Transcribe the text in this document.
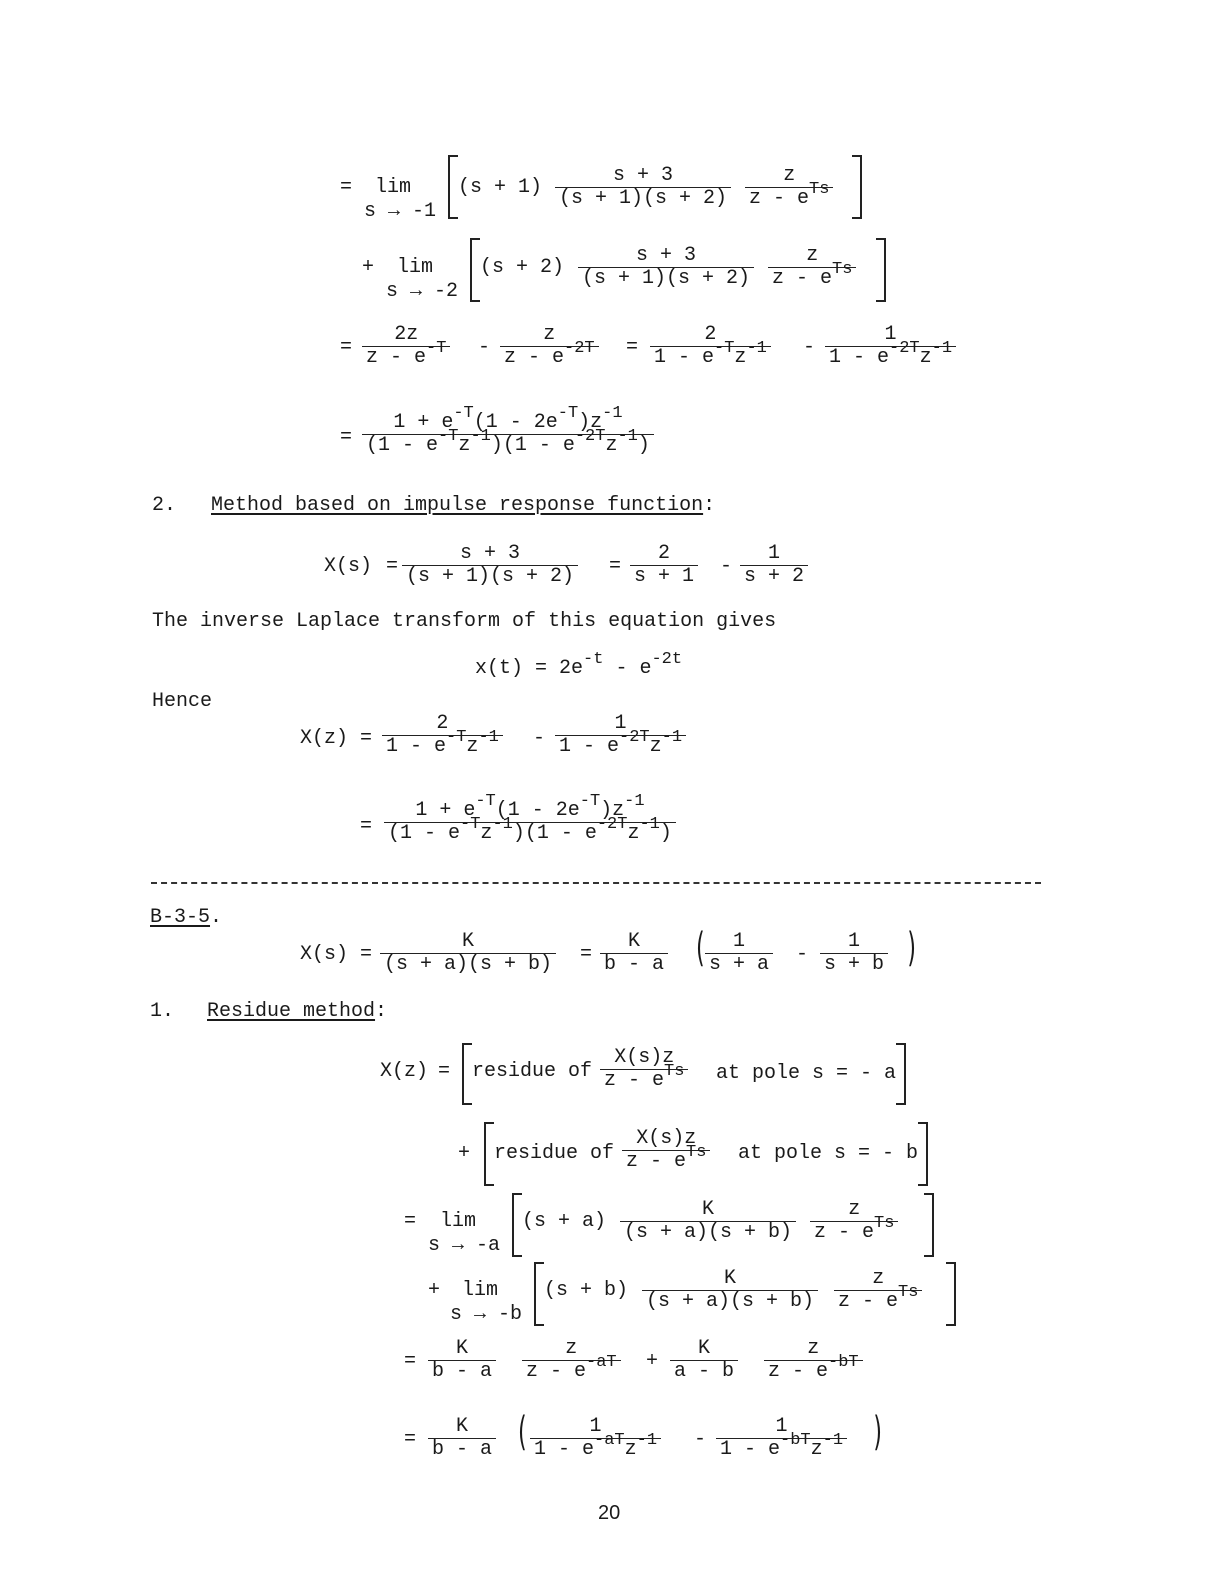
= lim
s → -1
(s + 1)
s + 3
(s + 1)(s + 2)
z
z - $e^{Ts}$
+ lim
s → -2
(s + 2)
s + 3
(s + 1)(s + 2)
z
z - $e^{Ts}$
=
2z
z - $e^{-T}$ -
z
z - $e^{-2T}$ =
2
$1 - e^{-T}z^{-1}$ -
1
$1 - e^{-2T}z^{-1}$
=
$1 + e^{-T}(1 - 2e^{-T})z^{-1}$
$(1 - e^{-T}z^{-1})(1 - e^{-2T}z^{-1})$
2. Method based on impulse response function:
X(s) =
s + 3
(s + 1)(s + 2) =
2
s + 1 -
1
s + 2
The inverse Laplace transform of this equation gives
$x(t) = 2e^{-t} - e^{-2t}$
Hence
X(z) =
2
$1 - e^{-T}z^{-1}$ -
1
$1 - e^{-2T}z^{-1}$
=
$1 + e^{-T}(1 - 2e^{-T})z^{-1}$
$(1 - e^{-T}z^{-1})(1 - e^{-2T}z^{-1})$
B-3-5.
X(s) =
K
(s + a)(s + b) =
K
b - a ( 1
s + a -
1
s + b )
1. Residue method:
X(z) = residue of
X(s)z
z - $e^{Ts}$ at pole s = - a
+ residue of
X(s)z
z - $e^{Ts}$ at pole s = - b
= lim
s → -a
(s + a)
K
(s + a)(s + b)
z
z - $e^{Ts}$
+ lim
s → -b
(s + b)
K
(s + a)(s + b)
z
z - $e^{Ts}$
=
K
b - a
z
z - $e^{-aT}$ +
K
a - b
z
z - $e^{-bT}$
=
K
b - a (	1
$1 - e^{-aT}z^{-1}$ -
1
$1 - e^{-bT}z^{-1}$ )
20
